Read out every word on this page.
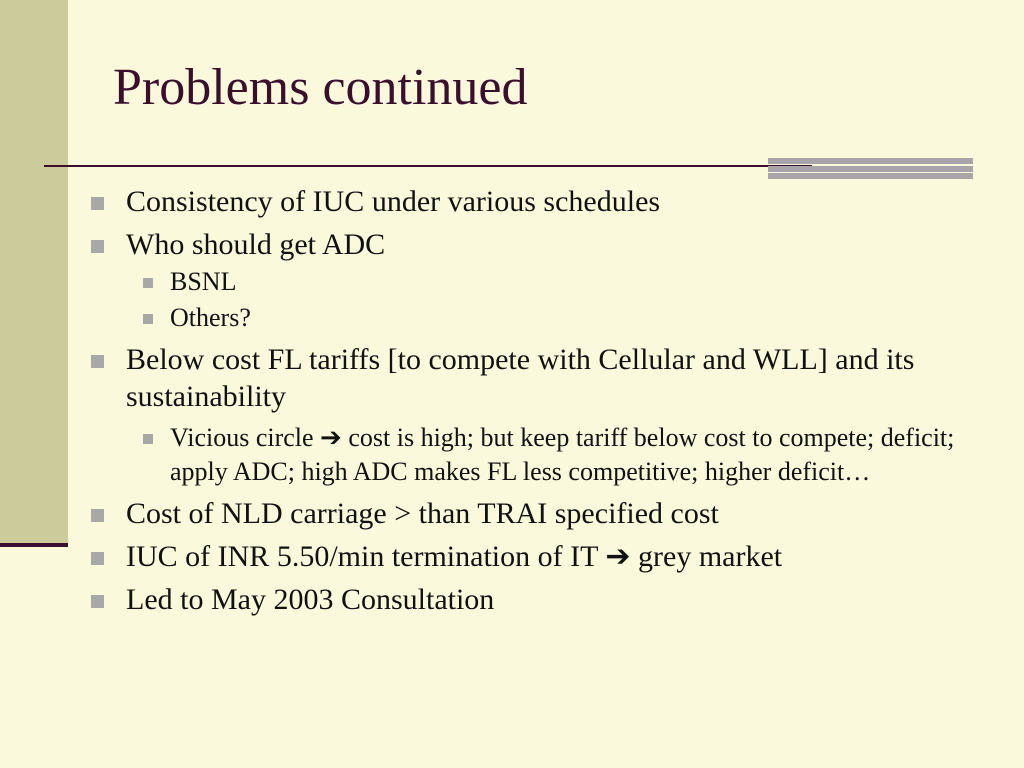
Problems continued
Consistency of IUC under various schedules
Who should get ADC
BSNL
Others?
Below cost FL tariffs [to compete with Cellular and WLL] and its sustainability
Vicious circle ➔ cost is high; but keep tariff below cost to compete; deficit; apply ADC; high ADC makes FL less competitive; higher deficit…
Cost of NLD carriage > than TRAI specified cost
IUC of INR 5.50/min termination of IT ➔ grey market
Led to May 2003 Consultation
